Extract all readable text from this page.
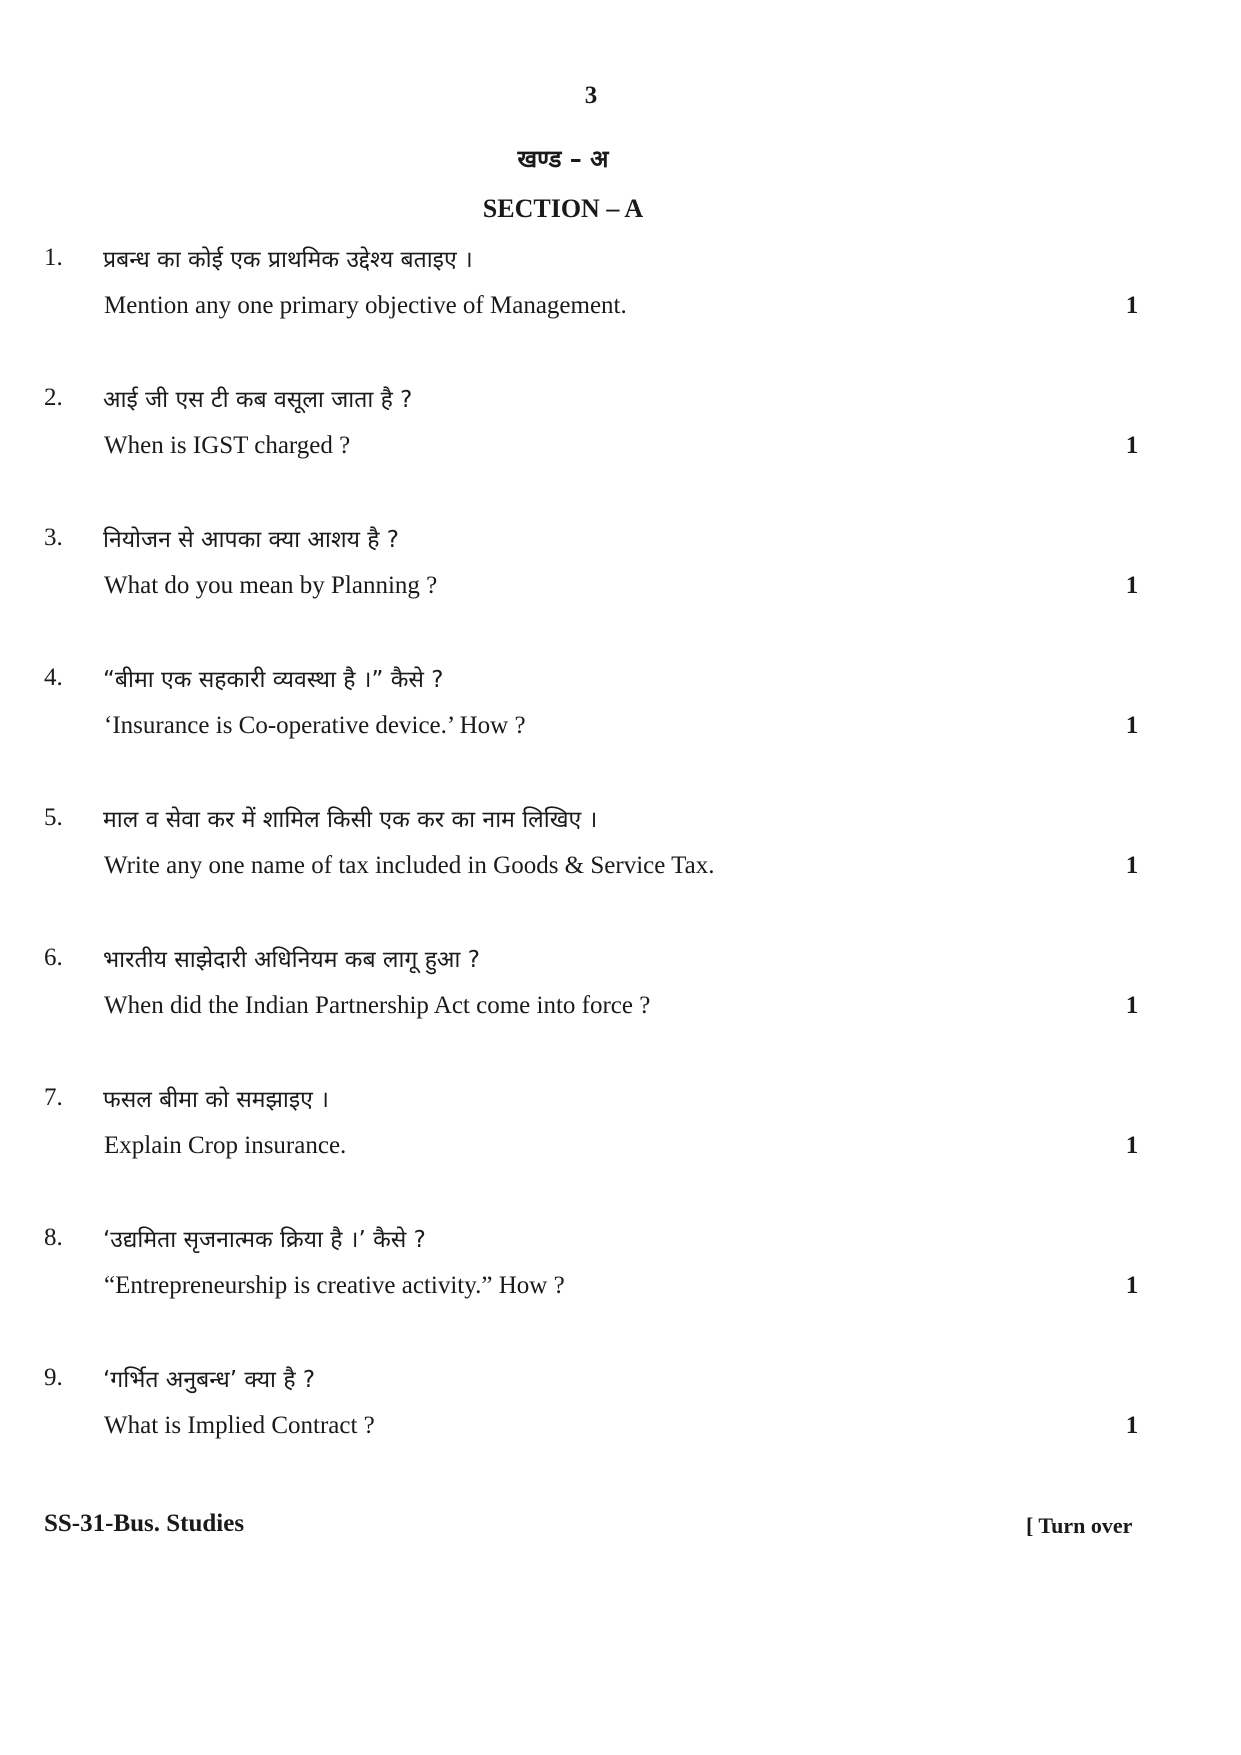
3
खण्ड – अ
SECTION – A
1. प्रबन्ध का कोई एक प्राथमिक उद्देश्य बताइए ।
Mention any one primary objective of Management.	1
2. आई जी एस टी कब वसूला जाता है ?
When is IGST charged ?	1
3. नियोजन से आपका क्या आशय है ?
What do you mean by Planning ?	1
4. “बीमा एक सहकारी व्यवस्था है ।” कैसे ?
‘Insurance is Co-operative device.’ How ?	1
5. माल व सेवा कर में शामिल किसी एक कर का नाम लिखिए ।
Write any one name of tax included in Goods & Service Tax.	1
6. भारतीय साझेदारी अधिनियम कब लागू हुआ ?
When did the Indian Partnership Act come into force ?	1
7. फसल बीमा को समझाइए ।
Explain Crop insurance.	1
8. ‘उद्यमिता सृजनात्मक क्रिया है ।’ कैसे ?
“Entrepreneurship is creative activity.” How ?	1
9. ‘गर्भित अनुबन्ध’ क्या है ?
What is Implied Contract ?	1
SS-31-Bus. Studies	[ Turn over
